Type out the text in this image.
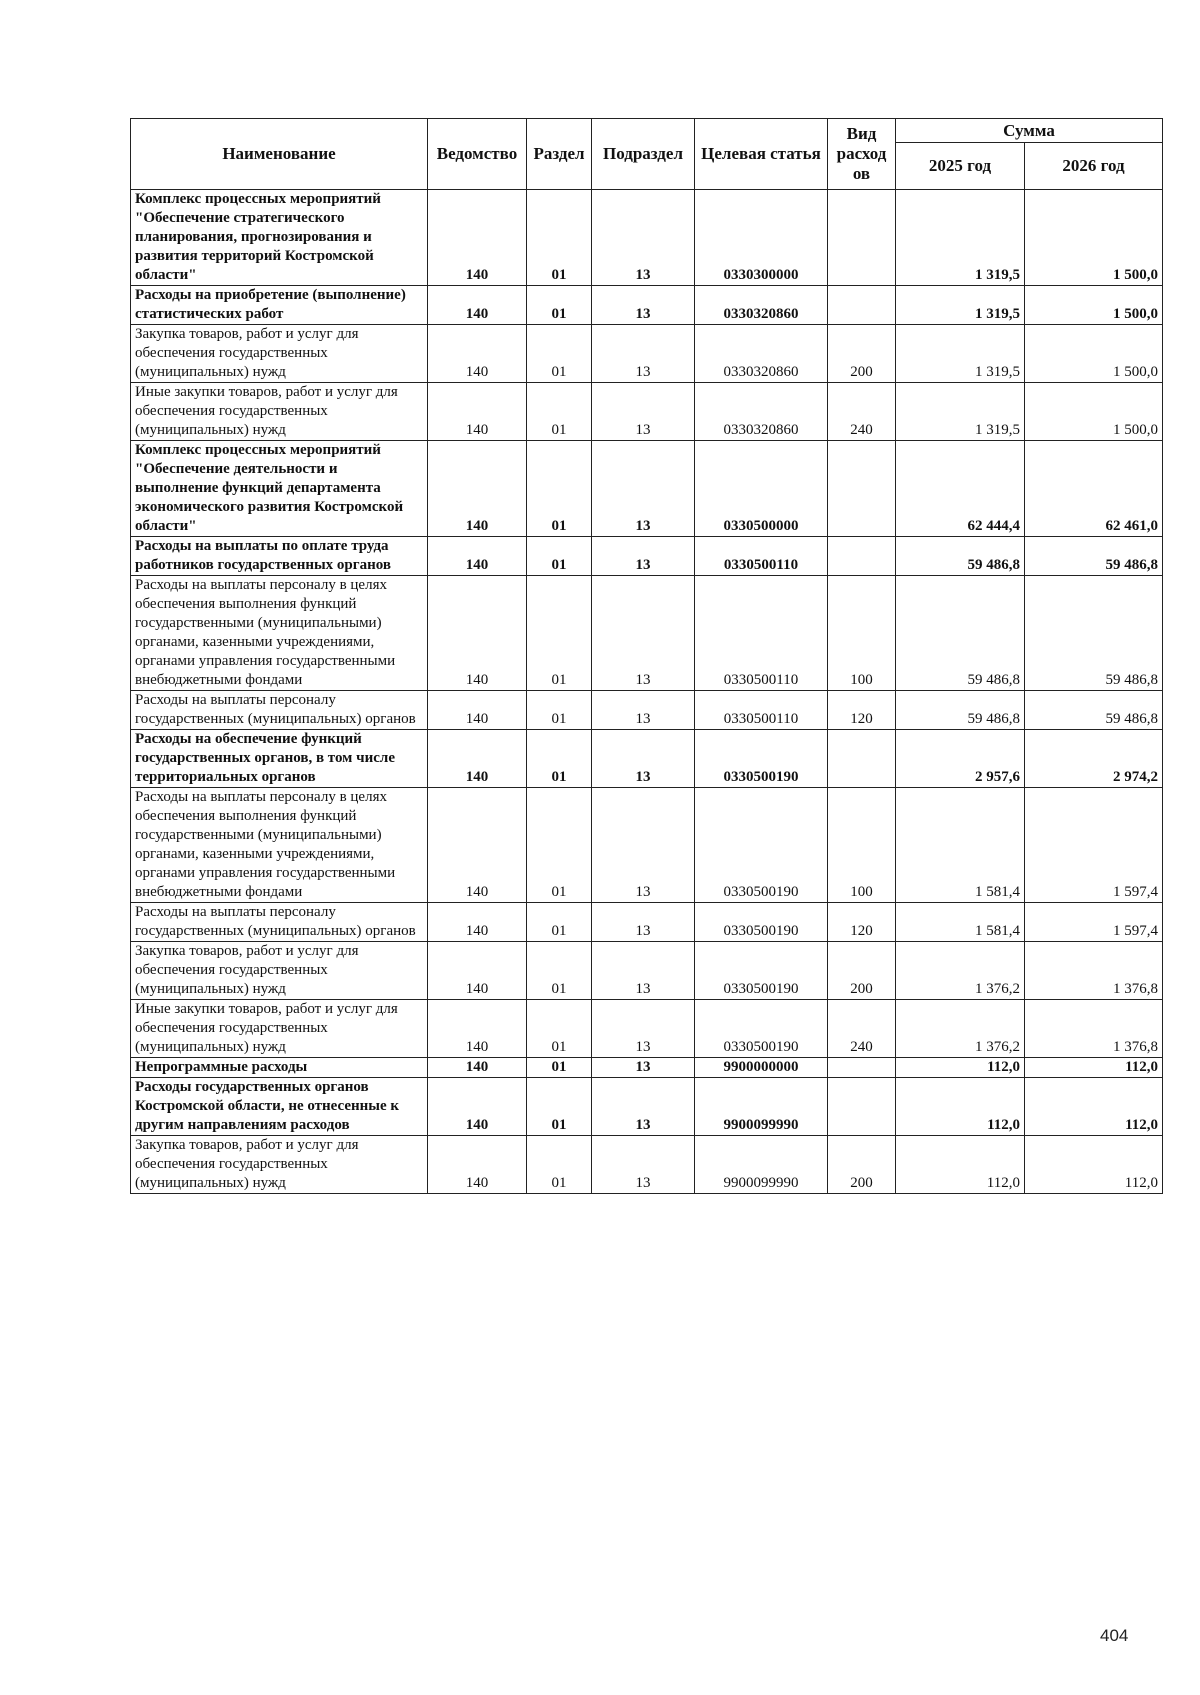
Наименование	Ведомство	Раздел	Подраздел	Целевая статья	Вид расход ов	Сумма	
						2025 год	2026 год
Комплекс процессных мероприятий "Обеспечение стратегического планирования, прогнозирования и развития территорий Костромской области"	140	01	13	0330300000		1 319,5	1 500,0
Расходы на приобретение (выполнение) статистических работ	140	01	13	0330320860		1 319,5	1 500,0
Закупка товаров, работ и услуг для обеспечения государственных (муниципальных) нужд	140	01	13	0330320860	200	1 319,5	1 500,0
Иные закупки товаров, работ и услуг для обеспечения государственных (муниципальных) нужд	140	01	13	0330320860	240	1 319,5	1 500,0
Комплекс процессных мероприятий "Обеспечение деятельности и выполнение функций департамента экономического развития Костромской области"	140	01	13	0330500000		62 444,4	62 461,0
Расходы на выплаты по оплате труда работников государственных органов	140	01	13	0330500110		59 486,8	59 486,8
Расходы на выплаты персоналу в целях обеспечения выполнения функций государственными (муниципальными) органами, казенными учреждениями, органами управления государственными внебюджетными фондами	140	01	13	0330500110	100	59 486,8	59 486,8
Расходы на выплаты персоналу государственных (муниципальных) органов	140	01	13	0330500110	120	59 486,8	59 486,8
Расходы на обеспечение функций государственных органов, в том числе территориальных органов	140	01	13	0330500190		2 957,6	2 974,2
Расходы на выплаты персоналу в целях обеспечения выполнения функций государственными (муниципальными) органами, казенными учреждениями, органами управления государственными внебюджетными фондами	140	01	13	0330500190	100	1 581,4	1 597,4
Расходы на выплаты персоналу государственных (муниципальных) органов	140	01	13	0330500190	120	1 581,4	1 597,4
Закупка товаров, работ и услуг для обеспечения государственных (муниципальных) нужд	140	01	13	0330500190	200	1 376,2	1 376,8
Иные закупки товаров, работ и услуг для обеспечения государственных (муниципальных) нужд	140	01	13	0330500190	240	1 376,2	1 376,8
Непрограммные расходы	140	01	13	9900000000		112,0	112,0
Расходы государственных органов Костромской области, не отнесенные к другим направлениям расходов	140	01	13	9900099990		112,0	112,0
Закупка товаров, работ и услуг для обеспечения государственных (муниципальных) нужд	140	01	13	9900099990	200	112,0	112,0
404
